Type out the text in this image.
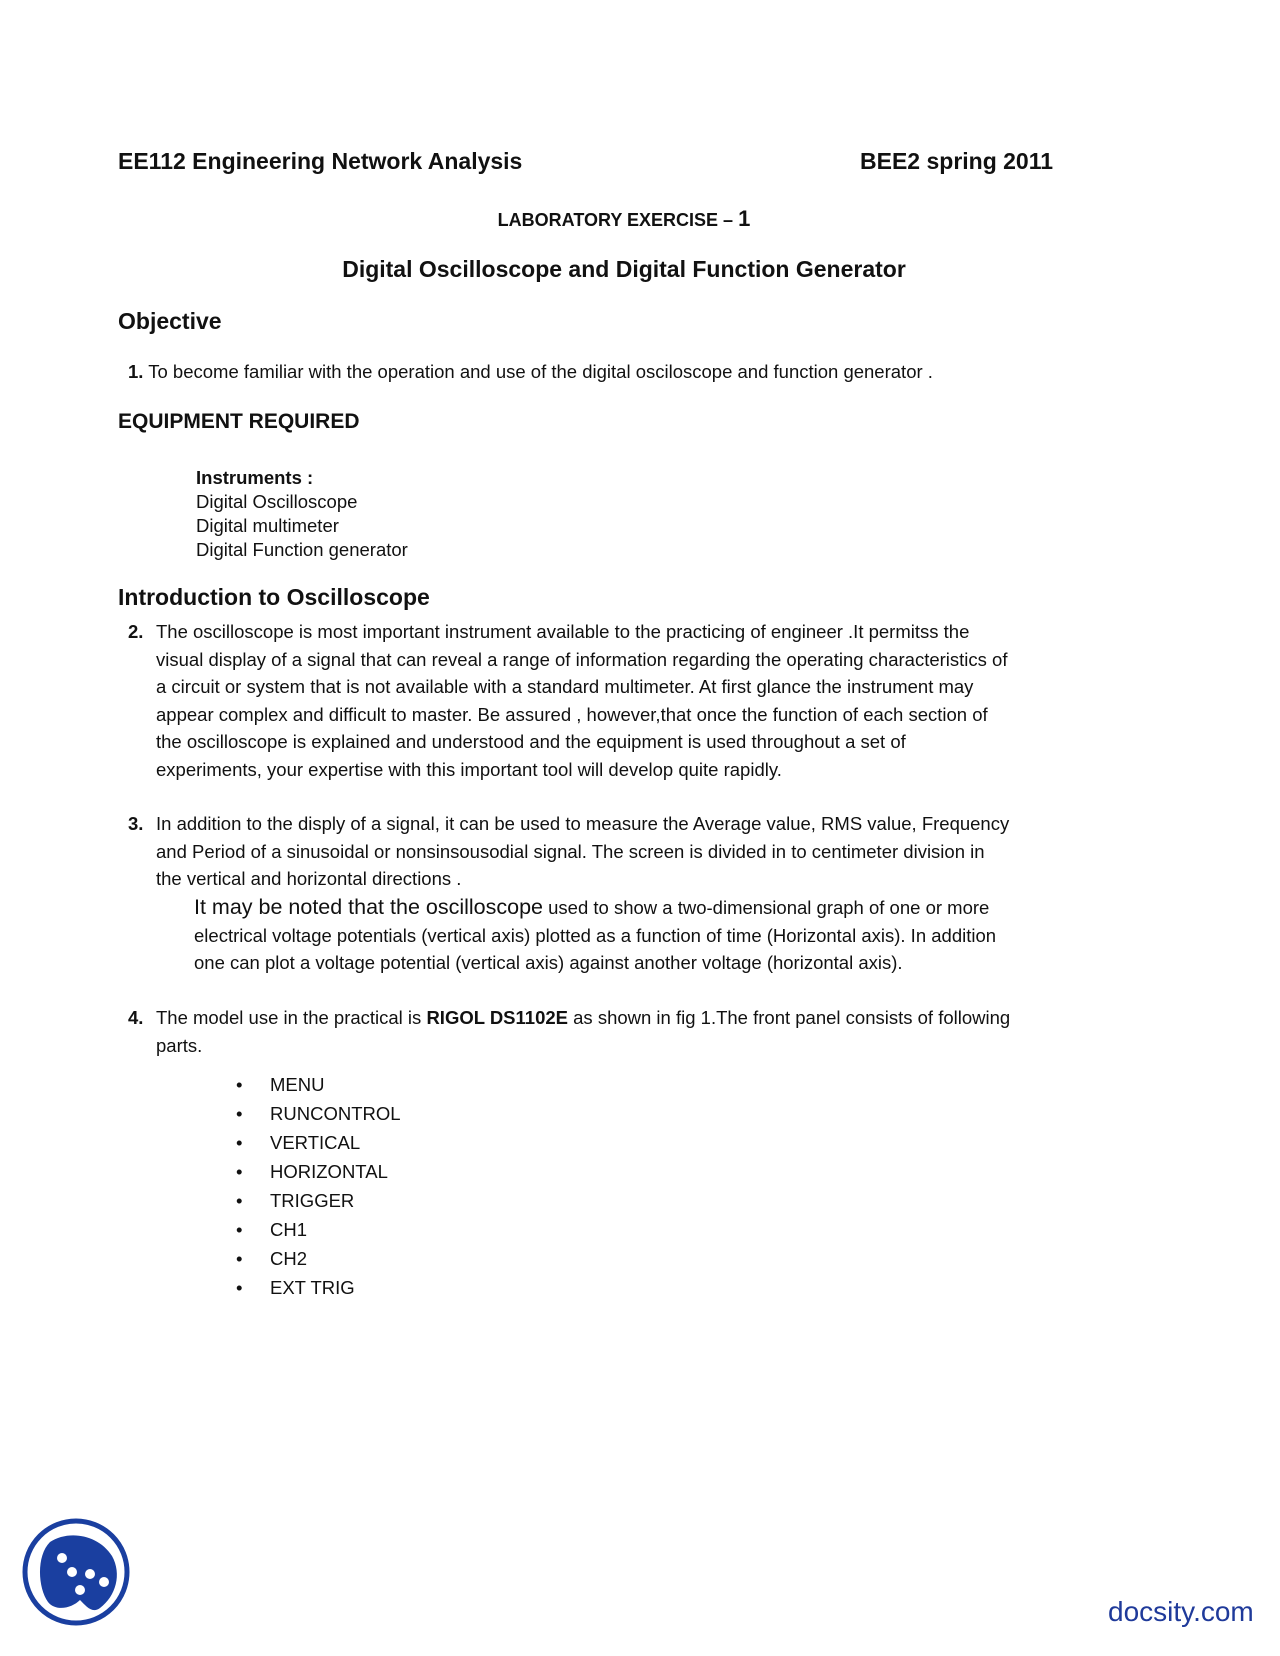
EE112 Engineering Network Analysis	BEE2 spring 2011
LABORATORY EXERCISE – 1
Digital Oscilloscope and Digital Function Generator
Objective
1. To become familiar with the operation and use of the digital osciloscope and function generator .
EQUIPMENT REQUIRED
Instruments :
Digital Oscilloscope
Digital multimeter
Digital Function generator
Introduction to Oscilloscope
2. The oscilloscope is most important instrument available to the practicing of engineer .It permitss the
visual display of a signal that can reveal a range of information regarding the operating characteristics of
a circuit or system that is not available with a standard multimeter. At first glance the instrument may
appear complex and difficult to master. Be assured , however,that once the function of each section of
the oscilloscope is explained and understood and the equipment is used throughout a set of
experiments, your expertise with this important tool will develop quite rapidly.
3. In addition to the disply of a signal, it can be used to measure the Average value, RMS value, Frequency
and Period of a sinusoidal or nonsinsousodial signal. The screen is divided in to centimeter division in
the vertical and horizontal directions .
It may be noted that the oscilloscope used to show a two-dimensional graph of one or more
electrical voltage potentials (vertical axis) plotted as a function of time (Horizontal axis). In addition
one can plot a voltage potential (vertical axis) against another voltage (horizontal axis).
4. The model use in the practical is RIGOL DS1102E as shown in fig 1.The front panel consists of following
parts.
•	MENU
•	RUNCONTROL
•	VERTICAL
•	HORIZONTAL
•	TRIGGER
•	CH1
•	CH2
•	EXT TRIG
docsity.com
